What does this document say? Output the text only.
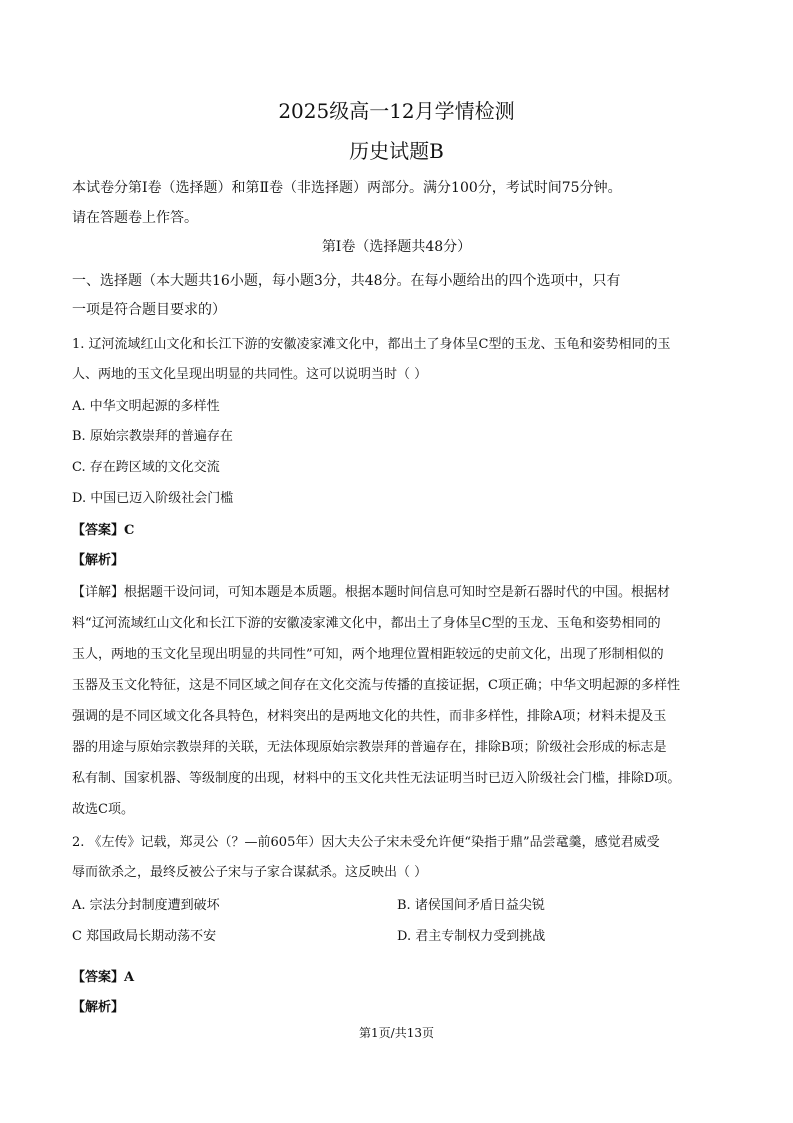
2025级高一12月学情检测
历史试题B
本试卷分第Ⅰ卷（选择题）和第Ⅱ卷（非选择题）两部分。满分100分，考试时间75分钟。
请在答题卷上作答。
第Ⅰ卷（选择题共48分）
一、选择题（本大题共16小题，每小题3分，共48分。在每小题给出的四个选项中，只有
一项是符合题目要求的）
1. 辽河流域红山文化和长江下游的安徽凌家滩文化中，都出土了身体呈C型的玉龙、玉龟和姿势相同的玉
人、两地的玉文化呈现出明显的共同性。这可以说明当时（ ）
A. 中华文明起源的多样性
B. 原始宗教崇拜的普遍存在
C. 存在跨区域的文化交流
D. 中国已迈入阶级社会门槛
【答案】C
【解析】
【详解】根据题干设问词，可知本题是本质题。根据本题时间信息可知时空是新石器时代的中国。根据材
料“辽河流域红山文化和长江下游的安徽凌家滩文化中，都出土了身体呈C型的玉龙、玉龟和姿势相同的
玉人，两地的玉文化呈现出明显的共同性”可知，两个地理位置相距较远的史前文化，出现了形制相似的
玉器及玉文化特征，这是不同区域之间存在文化交流与传播的直接证据，C项正确；中华文明起源的多样性
强调的是不同区域文化各具特色，材料突出的是两地文化的共性，而非多样性，排除A项；材料未提及玉
器的用途与原始宗教崇拜的关联，无法体现原始宗教崇拜的普遍存在，排除B项；阶级社会形成的标志是
私有制、国家机器、等级制度的出现，材料中的玉文化共性无法证明当时已迈入阶级社会门槛，排除D项。
故选C项。
2. 《左传》记载，郑灵公（？—前605年）因大夫公子宋未受允许便“染指于鼎”品尝鼋羹，感觉君威受
辱而欲杀之，最终反被公子宋与子家合谋弑杀。这反映出（ ）
A. 宗法分封制度遭到破坏	B. 诸侯国间矛盾日益尖锐
C 郑国政局长期动荡不安	D. 君主专制权力受到挑战
【答案】A
【解析】
第1页/共13页
